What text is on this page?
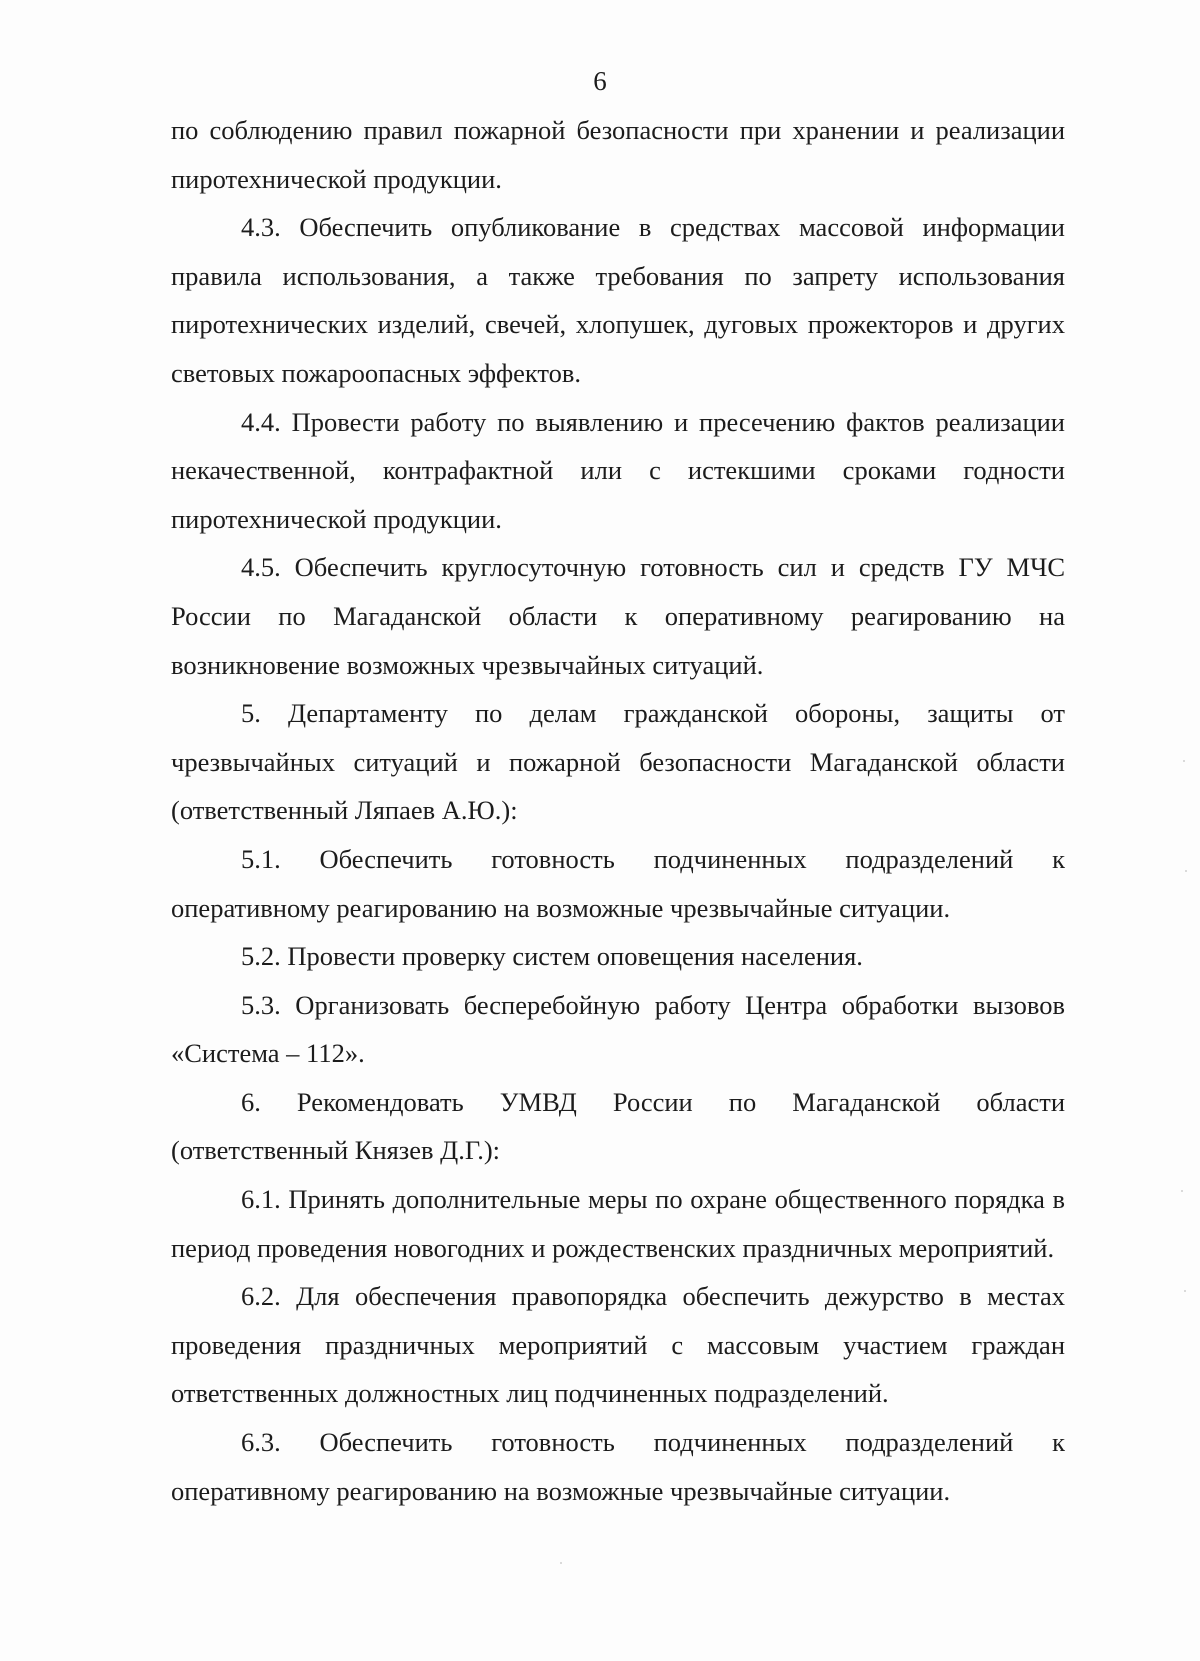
6

по соблюдению правил пожарной безопасности при хранении и реализации пиротехнической продукции.

4.3. Обеспечить опубликование в средствах массовой информации правила использования, а также требования по запрету использования пиротехнических изделий, свечей, хлопушек, дуговых прожекторов и других световых пожароопасных эффектов.

4.4. Провести работу по выявлению и пресечению фактов реализации некачественной, контрафактной или с истекшими сроками годности пиротехнической продукции.

4.5. Обеспечить круглосуточную готовность сил и средств ГУ МЧС России по Магаданской области к оперативному реагированию на возникновение возможных чрезвычайных ситуаций.

5. Департаменту по делам гражданской обороны, защиты от чрезвычайных ситуаций и пожарной безопасности Магаданской области (ответственный Ляпаев А.Ю.):

5.1. Обеспечить готовность подчиненных подразделений к оперативному реагированию на возможные чрезвычайные ситуации.

5.2. Провести проверку систем оповещения населения.

5.3. Организовать бесперебойную работу Центра обработки вызовов «Система – 112».

6. Рекомендовать УМВД России по Магаданской области (ответственный Князев Д.Г.):

6.1. Принять дополнительные меры по охране общественного порядка в период проведения новогодних и рождественских праздничных мероприятий.

6.2. Для обеспечения правопорядка обеспечить дежурство в местах проведения праздничных мероприятий с массовым участием граждан ответственных должностных лиц подчиненных подразделений.

6.3. Обеспечить готовность подчиненных подразделений к оперативному реагированию на возможные чрезвычайные ситуации.
